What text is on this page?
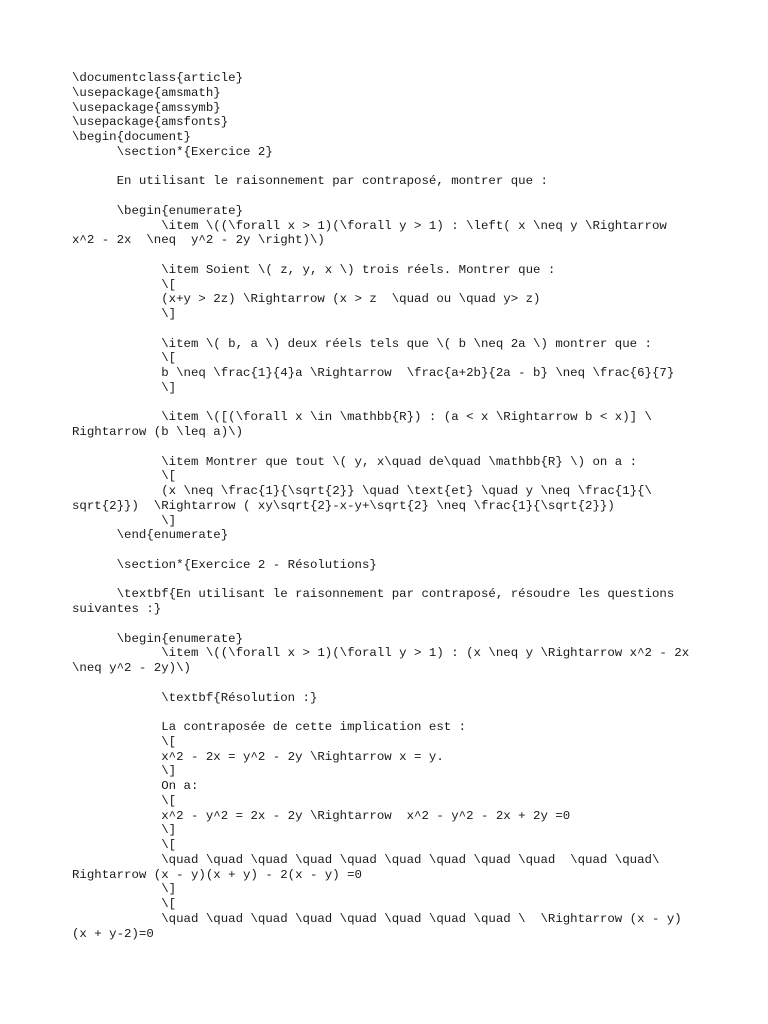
\documentclass{article}
\usepackage{amsmath}
\usepackage{amssymb}
\usepackage{amsfonts}
\begin{document}
\section*{Exercice 2}
En utilisant le raisonnement par contraposé, montrer que :
\begin{enumerate}
\item \((\forall x > 1)(\forall y > 1) : \left( x \neq y \Rightarrow
x^2 - 2x  \neq  y^2 - 2y \right)\)
\item Soient \( z, y, x \) trois réels. Montrer que :
\[
(x+y > 2z) \Rightarrow (x > z  \quad ou \quad y> z)
\]
\item \( b, a \) deux réels tels que \( b \neq 2a \) montrer que :
\[
b \neq \frac{1}{4}a \Rightarrow  \frac{a+2b}{2a - b} \neq \frac{6}{7}
\]
\item \([(\forall x \in \mathbb{R}) : (a < x \Rightarrow b < x)] \
Rightarrow (b \leq a)\)
\item Montrer que tout \( y, x\quad de\quad \mathbb{R} \) on a :
\[
(x \neq \frac{1}{\sqrt{2}} \quad \text{et} \quad y \neq \frac{1}{\
sqrt{2}})  \Rightarrow ( xy\sqrt{2}-x-y+\sqrt{2} \neq \frac{1}{\sqrt{2}})
\]
\end{enumerate}
\section*{Exercice 2 - Résolutions}
\textbf{En utilisant le raisonnement par contraposé, résoudre les questions
suivantes :}
\begin{enumerate}
\item \((\forall x > 1)(\forall y > 1) : (x \neq y \Rightarrow x^2 - 2x
\neq y^2 - 2y)\)
\textbf{Résolution :}
La contraposée de cette implication est :
\[
x^2 - 2x = y^2 - 2y \Rightarrow x = y.
\]
On a:
\[
x^2 - y^2 = 2x - 2y \Rightarrow  x^2 - y^2 - 2x + 2y =0
\]
\[
\quad \quad \quad \quad \quad \quad \quad \quad \quad  \quad \quad\
Rightarrow (x - y)(x + y) - 2(x - y) =0
\]
\[
\quad \quad \quad \quad \quad \quad \quad \quad \  \Rightarrow (x - y)
(x + y-2)=0
